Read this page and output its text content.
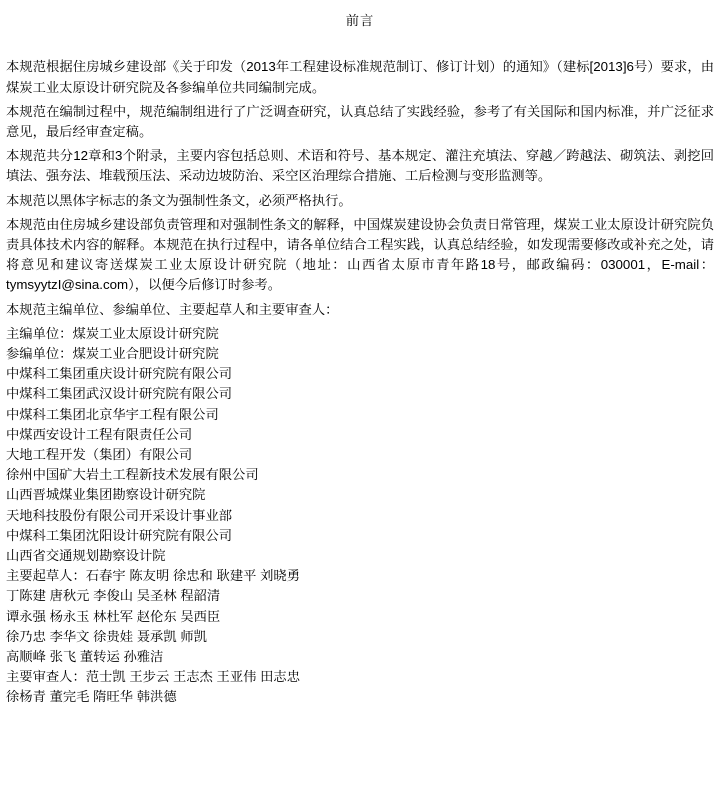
前言

本规范根据住房城乡建设部《关于印发（2013年工程建设标准规范制订、修订计划）的通知》（建标[2013]6号）要求，由煤炭工业太原设计研究院及各参编单位共同编制完成。

本规范在编制过程中，规范编制组进行了广泛调查研究，认真总结了实践经验，参考了有关国际和国内标准，并广泛征求意见，最后经审查定稿。

本规范共分12章和3个附录，主要内容包括总则、术语和符号、基本规定、灌注充填法、穿越／跨越法、砌筑法、剥挖回填法、强夯法、堆载预压法、采动边坡防治、采空区治理综合措施、工后检测与变形监测等。

本规范以黑体字标志的条文为强制性条文，必须严格执行。

本规范由住房城乡建设部负责管理和对强制性条文的解释，中国煤炭建设协会负责日常管理，煤炭工业太原设计研究院负责具体技术内容的解释。本规范在执行过程中，请各单位结合工程实践，认真总结经验，如发现需要修改或补充之处，请将意见和建议寄送煤炭工业太原设计研究院（地址：山西省太原市青年路18号，邮政编码：030001，E-mail：tymsyytzI@sina.com），以便今后修订时参考。

本规范主编单位、参编单位、主要起草人和主要审查人：

主编单位：煤炭工业太原设计研究院

参编单位：煤炭工业合肥设计研究院

中煤科工集团重庆设计研究院有限公司

中煤科工集团武汉设计研究院有限公司

中煤科工集团北京华宇工程有限公司

中煤西安设计工程有限责任公司

大地工程开发（集团）有限公司

徐州中国矿大岩土工程新技术发展有限公司

山西晋城煤业集团勘察设计研究院

天地科技股份有限公司开采设计事业部

中煤科工集团沈阳设计研究院有限公司

山西省交通规划勘察设计院

主要起草人：石春宇 陈友明 徐忠和 耿建平 刘晓勇

丁陈建 唐秋元 李俊山 吴圣林 程韶清

谭永强 杨永玉 林杜军 赵伦东 吴西臣

徐乃忠 李华文 徐贵娃 聂承凯 师凯

高顺峰 张飞 董转运 孙雅洁

主要审查人：范士凯 王步云 王志杰 王亚伟 田志忠

徐杨青 董完毛 隋旺华 韩洪德
